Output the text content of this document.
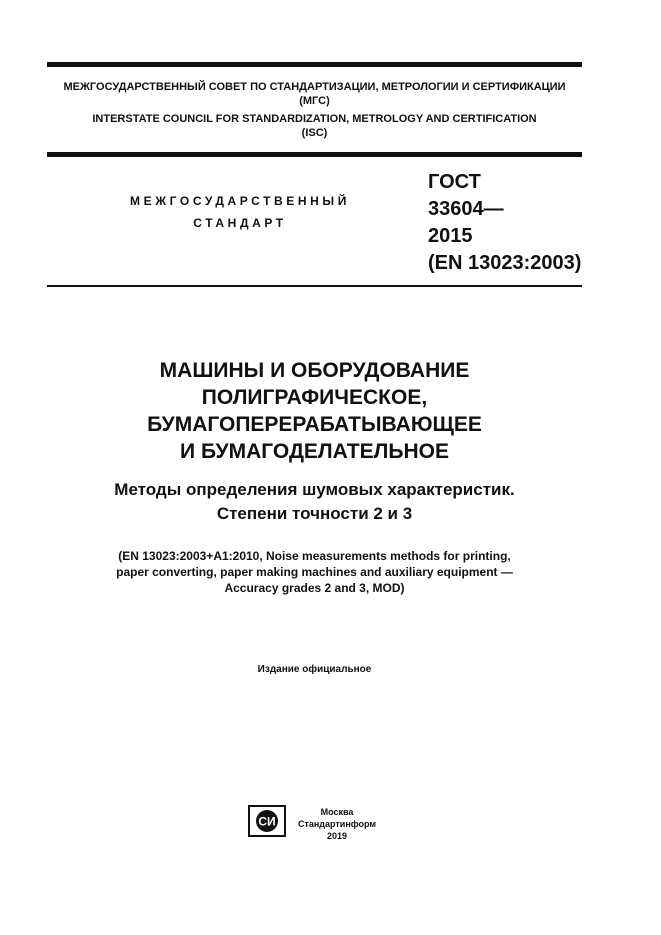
МЕЖГОСУДАРСТВЕННЫЙ СОВЕТ ПО СТАНДАРТИЗАЦИИ, МЕТРОЛОГИИ И СЕРТИФИКАЦИИ
(МГС)
INTERSTATE COUNCIL FOR STANDARDIZATION, METROLOGY AND CERTIFICATION
(ISC)
МЕЖГОСУДАРСТВЕННЫЙ
СТАНДАРТ
ГОСТ
33604—
2015
(EN 13023:2003)
МАШИНЫ И ОБОРУДОВАНИЕ
ПОЛИГРАФИЧЕСКОЕ,
БУМАГОПЕРЕРАБАТЫВАЮЩЕЕ
И БУМАГОДЕЛАТЕЛЬНОЕ
Методы определения шумовых характеристик.
Степени точности 2 и 3
(EN 13023:2003+A1:2010, Noise measurements methods for printing,
paper converting, paper making machines and auxiliary equipment —
Accuracy grades 2 and 3, MOD)
Издание официальное
СИ
Москва
Стандартинформ
2019
